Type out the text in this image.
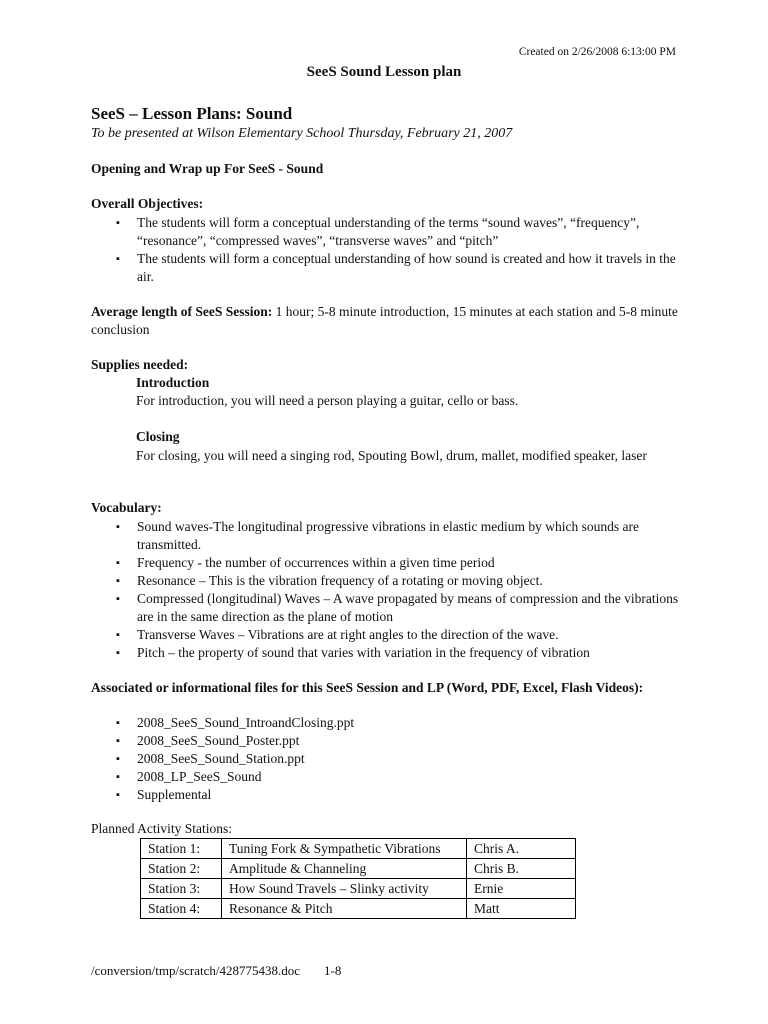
Created on 2/26/2008 6:13:00 PM
SeeS Sound Lesson plan
SeeS – Lesson Plans: Sound
To be presented at Wilson Elementary School Thursday, February 21, 2007
Opening and Wrap up For SeeS - Sound
Overall Objectives:
▪ The students will form a conceptual understanding of the terms “sound waves”, “frequency”, “resonance”, “compressed waves”, “transverse waves” and “pitch”
▪ The students will form a conceptual understanding of how sound is created and how it travels in the air.
Average length of SeeS Session: 1 hour; 5-8 minute introduction, 15 minutes at each station and 5-8 minute conclusion
Supplies needed:
Introduction
For introduction, you will need a person playing a guitar, cello or bass.
Closing
For closing, you will need a singing rod, Spouting Bowl, drum, mallet, modified speaker, laser
Vocabulary:
▪ Sound waves-The longitudinal progressive vibrations in elastic medium by which sounds are transmitted.
▪ Frequency - the number of occurrences within a given time period
▪ Resonance – This is the vibration frequency of a rotating or moving object.
▪ Compressed (longitudinal) Waves – A wave propagated by means of compression and the vibrations are in the same direction as the plane of motion
▪ Transverse Waves – Vibrations are at right angles to the direction of the wave.
▪ Pitch – the property of sound that varies with variation in the frequency of vibration
Associated or informational files for this SeeS Session and LP (Word, PDF, Excel, Flash Videos):
▪ 2008_SeeS_Sound_IntroandClosing.ppt
▪ 2008_SeeS_Sound_Poster.ppt
▪ 2008_SeeS_Sound_Station.ppt
▪ 2008_LP_SeeS_Sound
▪ Supplemental
Planned Activity Stations:
Station 1:	Tuning Fork & Sympathetic Vibrations	Chris A.
Station 2:	Amplitude & Channeling	Chris B.
Station 3:	How Sound Travels – Slinky activity	Ernie
Station 4:	Resonance & Pitch	Matt
/conversion/tmp/scratch/428775438.doc 1-8
